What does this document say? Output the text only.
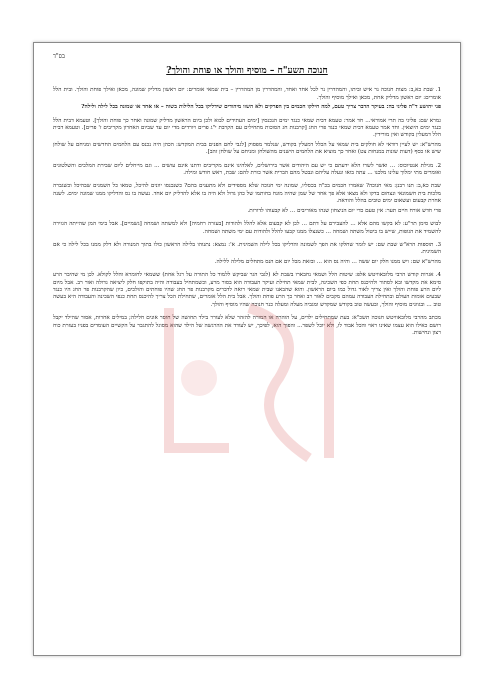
בס"ד
חנוכה תשע"ח – מוסיף והולך או פוחת והולך?

1. שבת כא,ב: מצות חנוכה נר איש וביתו, והמהדרין נר לכל אחד ואחד, והמהדרין מן המהדרין – בית שמאי אומרים: יום ראשון מדליק שמונה, מכאן ואילך פוחת והולך. ובית הלל אומרים: יום ראשון מדליק אחת, מכאן ואילך מוסיף והולך.

פני יהושע ד"ה פליגי בה: בעיקר הדבר צריך טעם, למה חילקו חכמים בין הפרקים ולא השוו מיהודים שידליקו בכל הלילות בשוה – או אחד או שמונה בכל לילה ולילה?

גמרא שם: פליגי בה תרי אמוראי... חד אמר: טעמא דבית שמאי כנגד ימים הנכנסין [ימים העתידים לבוא ולכן ביום הראשון מדליק שמונה ואחר כך פוחת והולך]. וטעמא דבית הלל כנגד ימים היוצאין. וחד אמר טעמא דבית שמאי כנגד פרי החג [קרבנות חג הסוכות מתחילים עם הקרבת י"ג פרים ויורדים מדי יום עד שביום האחרון מקריבים ז' פרים]. וטעמא דבית הלל דמעלין בקודש ואין מורידין.

מהרש"א: יש לעיין דודאי לא חולקים בית שמאי על הכלל דמעלין בקודש, שנלמד מפסוק [לגבי לחם הפנים בבית המקדש: הכהן היה נכנס עם הלחמים החדשים ומניחם על שולחן שיש או כסף (דעות שונות במנחות צט) ואחר כך מוציא את הלחמים הישנים מהשולחן ומניחם על שולחן זהב].

2. מגילת אנטיוכוס: ... ואשר לשרו הלא ידעתם כי יש עם היהודים אשר בירושלים, לאלהינו אינם מקריבים ודתנו אינם עושים ... וגם מייחלים ליום שבירת המלכים והשלטונים ואומרים מתי ימלוך עלינו מלכנו ... עתה בואו ונעלה עליהם ונבטל מהם הברית אשר כורת להם: שבת, ראש חודש ומילה.

שבת כא,ב: תנו רבנן: מאי חנוכה? שאמרו חכמים בכ"ה בכסליו, שמונה ימי חנוכה שלא מספידים ולא מתענים בהם? כשנכנסו יוונים להיכל, טמאו כל השמנים שבהיכל וכשגברה מלכות בית חשמונאי ונצחום בדקו ולא מצאו אלא פך אחד של שמן שהיה מונח בחותמו של כהן גדול ולא היה בו אלא להדליק יום אחד. נעשה בו נס והדליקו ממנו שמונה ימים. לשנה אחרת קבעום ועשאום ימים טובים בהלל והודאה.

פרי חדש אורח חיים תער: אין טעם כדי יום הניצחון שנהו מאוריבים ... לא קבעוהו לדורות.

לבוש סימן תר"ע: לא בקשו מהם אלא ... להעבירם על דתם ... לכן לא קבעום אלא להלל ולהודות [בעזרה רחמיה] ולא למשתה ושמחה [גשמיים]. אבל בימי המן שהייתה הגזירה להשמיד את הגופות, שייש בו ביטול משתה ושמחה ... כשנצלו ממנו קבעו להלל ולהודות עם ימי משתה ושמחה.

3. תוספות הרא"ש שבת שם: יש לומר שחלקו את הפך לשמונה והדליקו בכל לילה השמינית. א': נמצא: נתנוהו בלילה הראשון כולו בתוך המנורה ולא דלק ממנו בכל לילה כי אם השמינית.

מהרש"א שם: ויש ממנו חלק יום ששה ... והיה נס הוא ... ובזאת מכל יום אם הנס מתחלים מלילה ללילה.

4. אגרות קודש הרבי מלובאוויטש אלפ: שיטות הלל ושמאי נחבארו בשבת לא (לגבי הגר שביקש ללמוד כל התורה על רגל אחת) ששמאי לחומרא והלל לקולא. לכן מי שהיבר הרע סימא את מקדשו ובא לסתור ולהיכנס תחת כפי השכינה, לבית שמאי תחילת ועיקר העבודה הוא בסור מרע, וכשמתחיל בעבודה והיה בתוקפו חלק ליציאה גדולה ואור רב. אבל מיום ליום הרע פוחת והולך ואין צריך לאור גדול כמו ביום הראשון. והוא שהבאנו שבית שמאי רואה לדברים מקרבנות פר החג שהיו פוחתים והולכים, כיון שהקרבנות פר החג היו כנגד שבעים אומות העולם ובתחילת העבודה עמהם מקבים לאור רב ואחר כך הרע פוחת והולך. אבל בית הלל אומרים, שתחילת הכל צריך להיכנס תחת כנפי השכינה והעבודה היא בעשה טוב ... ובגוונים מוסיף והולך, ובעשה טוב בקודש שמקדש ומגביה מעלה ומעלה כנר חנוכה שהיו מוסיף והולך.

מכתב מהרבי מלובאוויטש חנוכה תשכ"א: בעת שמתחילים ילדים, על הוהרה או המורה להזהר שלא לעורר בילד תחושה של חוסר אונים חלילה; במילים אחרות, אסור שהילד יקבל רושם כאילו הוא עצמו שאינו ראוי והכל אבוד לו, ולא יוכל לשפר... והפוך הוא, לפיכך, יש לעודד את ההרגשה של הילד שהוא מסוגל להתגבר על הקשיים העומדים בפניו בעזרת כוח רצון ונחישות.
